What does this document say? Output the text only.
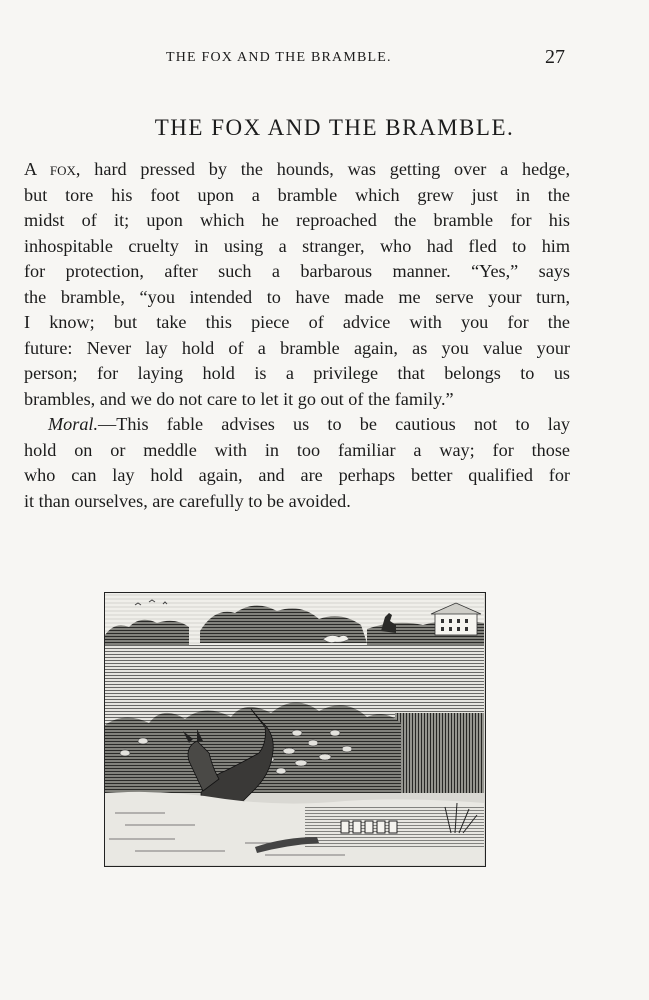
THE FOX AND THE BRAMBLE.	27
THE FOX AND THE BRAMBLE.

A fox, hard pressed by the hounds, was getting over a hedge,
but tore his foot upon a bramble which grew just in the
midst of it; upon which he reproached the bramble for his
inhospitable cruelty in using a stranger, who had fled to him
for protection, after such a barbarous manner. “Yes,” says
the bramble, “you intended to have made me serve your turn,
I know; but take this piece of advice with you for the
future: Never lay hold of a bramble again, as you value your
person; for laying hold is a privilege that belongs to us
brambles, and we do not care to let it go out of the family.”

Moral.—This fable advises us to be cautious not to lay
hold on or meddle with in too familiar a way; for those
who can lay hold again, and are perhaps better qualified for
it than ourselves, are carefully to be avoided.
